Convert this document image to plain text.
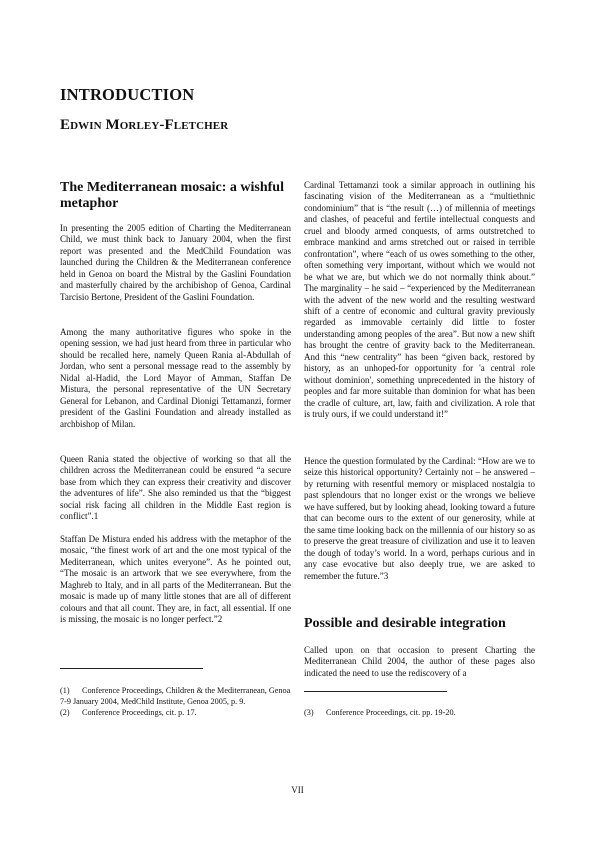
INTRODUCTION
Edwin Morley-Fletcher
The Mediterranean mosaic: a wishful metaphor

In presenting the 2005 edition of Charting the Mediterranean Child, we must think back to January 2004, when the first report was presented and the MedChild Foundation was launched during the Children & the Mediterranean conference held in Genoa on board the Mistral by the Gaslini Foundation and masterfully chaired by the archibishop of Genoa, Cardinal Tarcisio Bertone, President of the Gaslini Foundation.

Among the many authoritative figures who spoke in the opening session, we had just heard from three in particular who should be recalled here, namely Queen Rania al-Abdullah of Jordan, who sent a personal message read to the assembly by Nidal al-Hadid, the Lord Mayor of Amman, Staffan De Mistura, the personal representative of the UN Secretary General for Lebanon, and Cardinal Dionigi Tettamanzi, former president of the Gaslini Foundation and already installed as archbishop of Milan.

Queen Rania stated the objective of working so that all the children across the Mediterranean could be ensured “a secure base from which they can express their creativity and discover the adventures of life”. She also reminded us that the “biggest social risk facing all children in the Middle East region is conflict”.1

Staffan De Mistura ended his address with the metaphor of the mosaic, “the finest work of art and the one most typical of the Mediterranean, which unites everyone”. As he pointed out, “The mosaic is an artwork that we see everywhere, from the Maghreb to Italy, and in all parts of the Mediterranean. But the mosaic is made up of many little stones that are all of different colours and that all count. They are, in fact, all essential. If one is missing, the mosaic is no longer perfect.”2

(1) Conference Proceedings, Children & the Mediterranean, Genoa 7-9 January 2004, MedChild Institute, Genoa 2005, p. 9.

(2) Conference Proceedings, cit. p. 17.

Cardinal Tettamanzi took a similar approach in outlining his fascinating vision of the Mediterranean as a “multiethnic condominium” that is “the result (…) of millennia of meetings and clashes, of peaceful and fertile intellectual conquests and cruel and bloody armed conquests, of arms outstretched to embrace mankind and arms stretched out or raised in terrible confrontation”, where “each of us owes something to the other, often something very important, without which we would not be what we are, but which we do not normally think about.” The marginality – he said – “experienced by the Mediterranean with the advent of the new world and the resulting westward shift of a centre of economic and cultural gravity previously regarded as immovable certainly did little to foster understanding among peoples of the area”. But now a new shift has brought the centre of gravity back to the Mediterranean. And this “new centrality” has been “given back, restored by history, as an unhoped-for opportunity for 'a central role without dominion', something unprecedented in the history of peoples and far more suitable than dominion for what has been the cradle of culture, art, law, faith and civilization. A role that is truly ours, if we could understand it!”

Hence the question formulated by the Cardinal: “How are we to seize this historical opportunity? Certainly not – he answered – by returning with resentful memory or misplaced nostalgia to past splendours that no longer exist or the wrongs we believe we have suffered, but by looking ahead, looking toward a future that can become ours to the extent of our generosity, while at the same time looking back on the millennia of our history so as to preserve the great treasure of civilization and use it to leaven the dough of today’s world. In a word, perhaps curious and in any case evocative but also deeply true, we are asked to remember the future.”3

Possible and desirable integration

Called upon on that occasion to present Charting the Mediterranean Child 2004, the author of these pages also indicated the need to use the rediscovery of a

(3) Conference Proceedings, cit. pp. 19-20.

VII
